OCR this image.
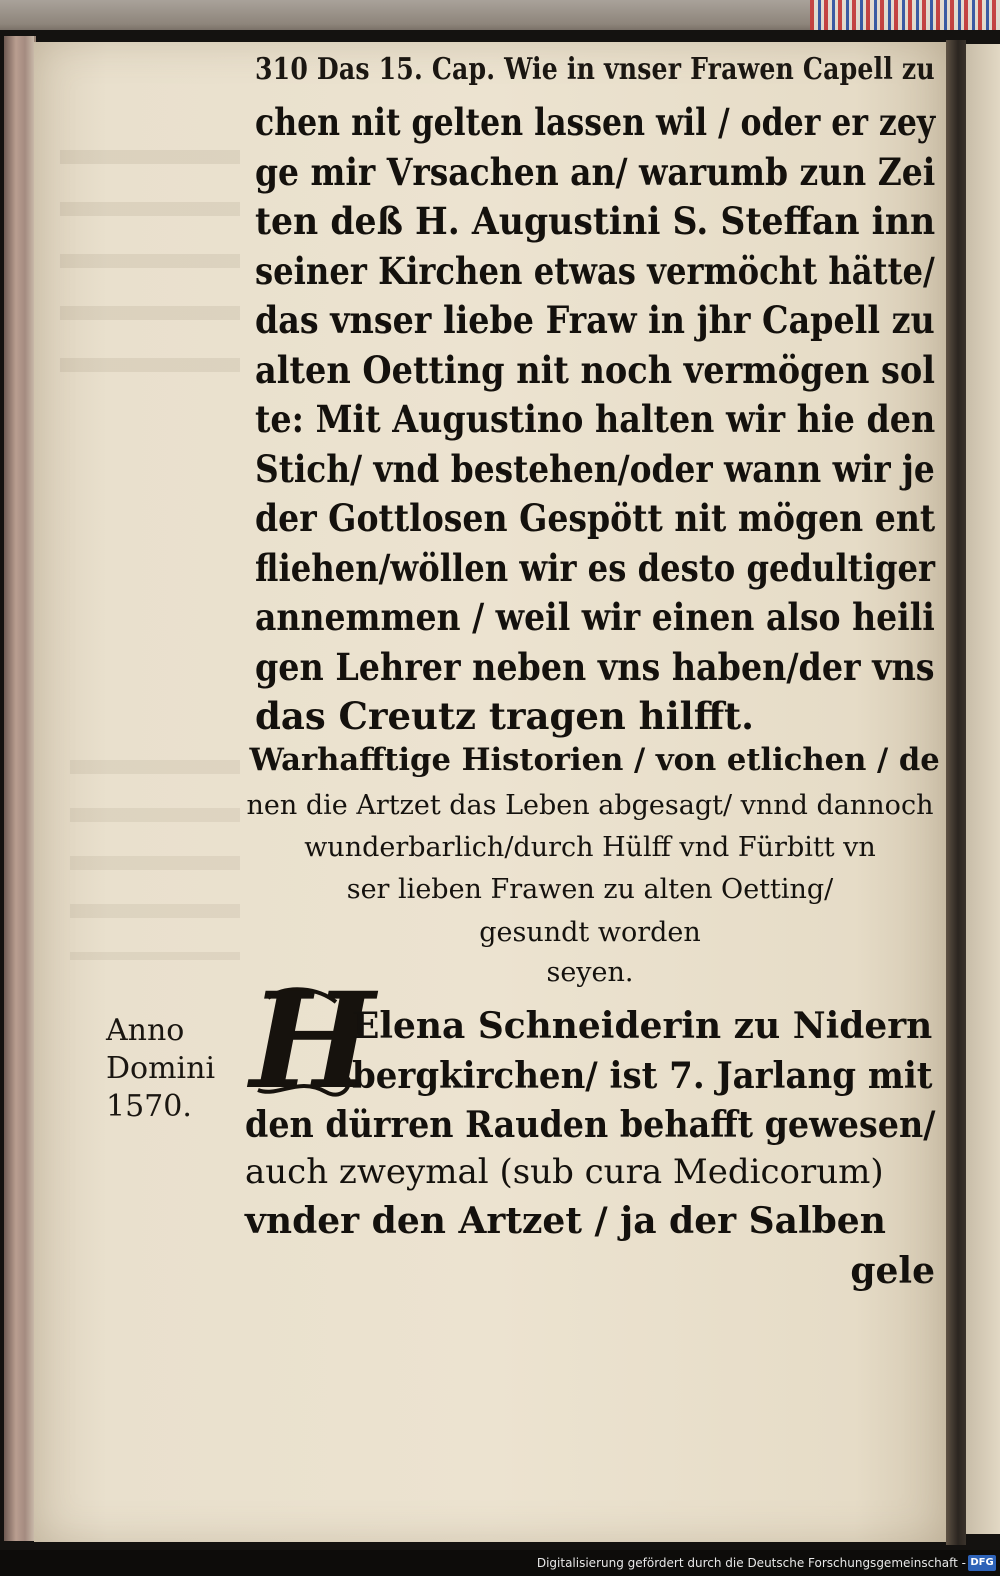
310 Das 15. Cap. Wie in vnser Frawen Capell zu
chen nit gelten lassen wil / oder er zey
ge mir Vrsachen an/ warumb zun Zei
ten deß H. Augustini S. Steffan inn
seiner Kirchen etwas vermöcht hätte/
das vnser liebe Fraw in jhr Capell zu
alten Oetting nit noch vermögen sol
te: Mit Augustino halten wir hie den
Stich/ vnd bestehen/oder wann wir je
der Gottlosen Gespött nit mögen ent
fliehen/wöllen wir es desto gedultiger
annemmen / weil wir einen also heili
gen Lehrer neben vns haben/der vns
das Creutz tragen hilfft.
Warhafftige Historien / von etlichen / de
nen die Artzet das Leben abgesagt/ vnnd dannoch
wunderbarlich/durch Hülff vnd Fürbitt vn
ser lieben Frawen zu alten Oetting/
gesundt worden
seyen.
Anno
Domini
1570. H
Elena Schneiderin zu Nidern
bergkirchen/ ist 7. Jarlang mit
den dürren Rauden behafft gewesen/
auch zweymal (sub cura Medicorum)
vnder den Artzet / ja der Salben
gele
Digitalisierung gefördert durch die Deutsche Forschungsgemeinschaft - DFG
